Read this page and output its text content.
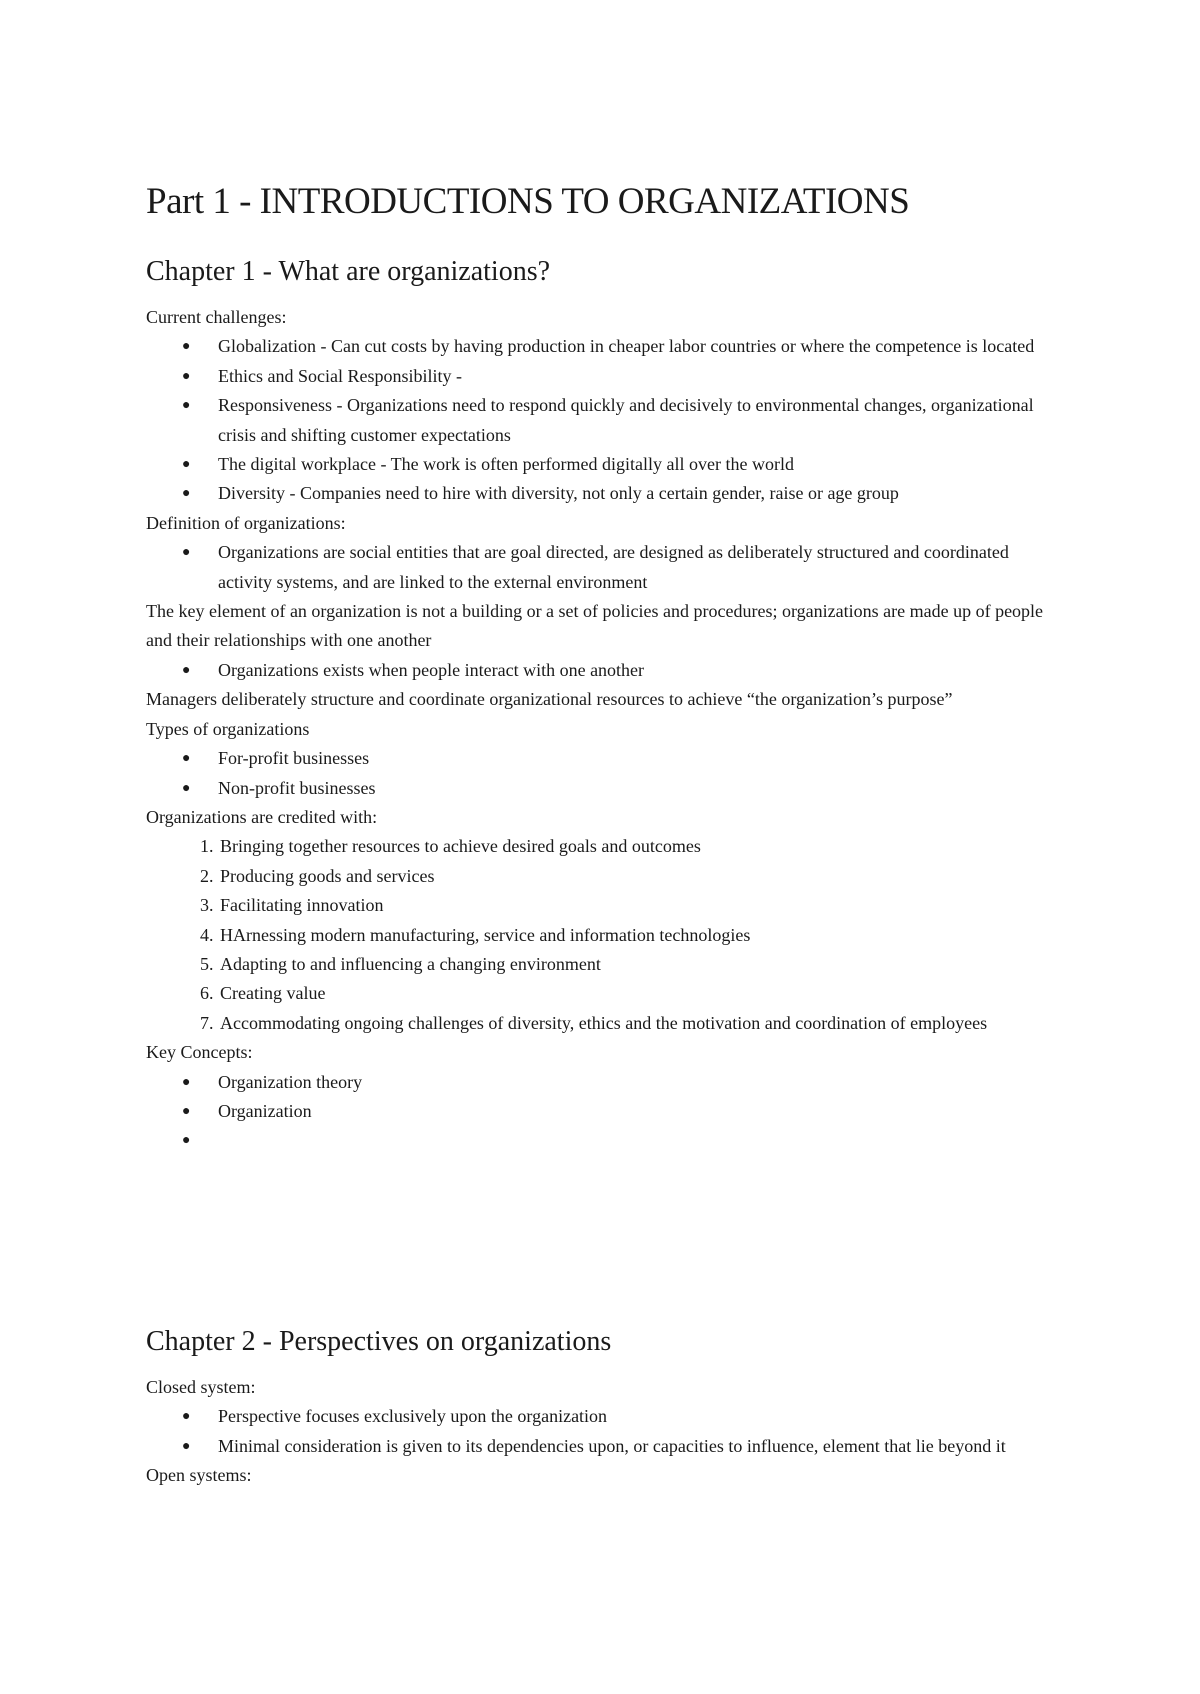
Part 1 - INTRODUCTIONS TO ORGANIZATIONS
Chapter 1 - What are organizations?

Current challenges:

● Globalization - Can cut costs by having production in cheaper labor countries or where the competence is located
● Ethics and Social Responsibility -
● Responsiveness - Organizations need to respond quickly and decisively to environmental changes, organizational crisis and shifting customer expectations
● The digital workplace - The work is often performed digitally all over the world
● Diversity - Companies need to hire with diversity, not only a certain gender, raise or age group

Definition of organizations:

● Organizations are social entities that are goal directed, are designed as deliberately structured and coordinated activity systems, and are linked to the external environment

The key element of an organization is not a building or a set of policies and procedures; organizations are made up of people and their relationships with one another

● Organizations exists when people interact with one another

Managers deliberately structure and coordinate organizational resources to achieve “the organization’s purpose”

Types of organizations

● For-profit businesses
● Non-profit businesses

Organizations are credited with:

1. Bringing together resources to achieve desired goals and outcomes
2. Producing goods and services
3. Facilitating innovation
4. HArnessing modern manufacturing, service and information technologies
5. Adapting to and influencing a changing environment
6. Creating value
7. Accommodating ongoing challenges of diversity, ethics and the motivation and coordination of employees

Key Concepts:

● Organization theory
● Organization
●

Chapter 2 - Perspectives on organizations

Closed system:

● Perspective focuses exclusively upon the organization
● Minimal consideration is given to its dependencies upon, or capacities to influence, element that lie beyond it

Open systems:
